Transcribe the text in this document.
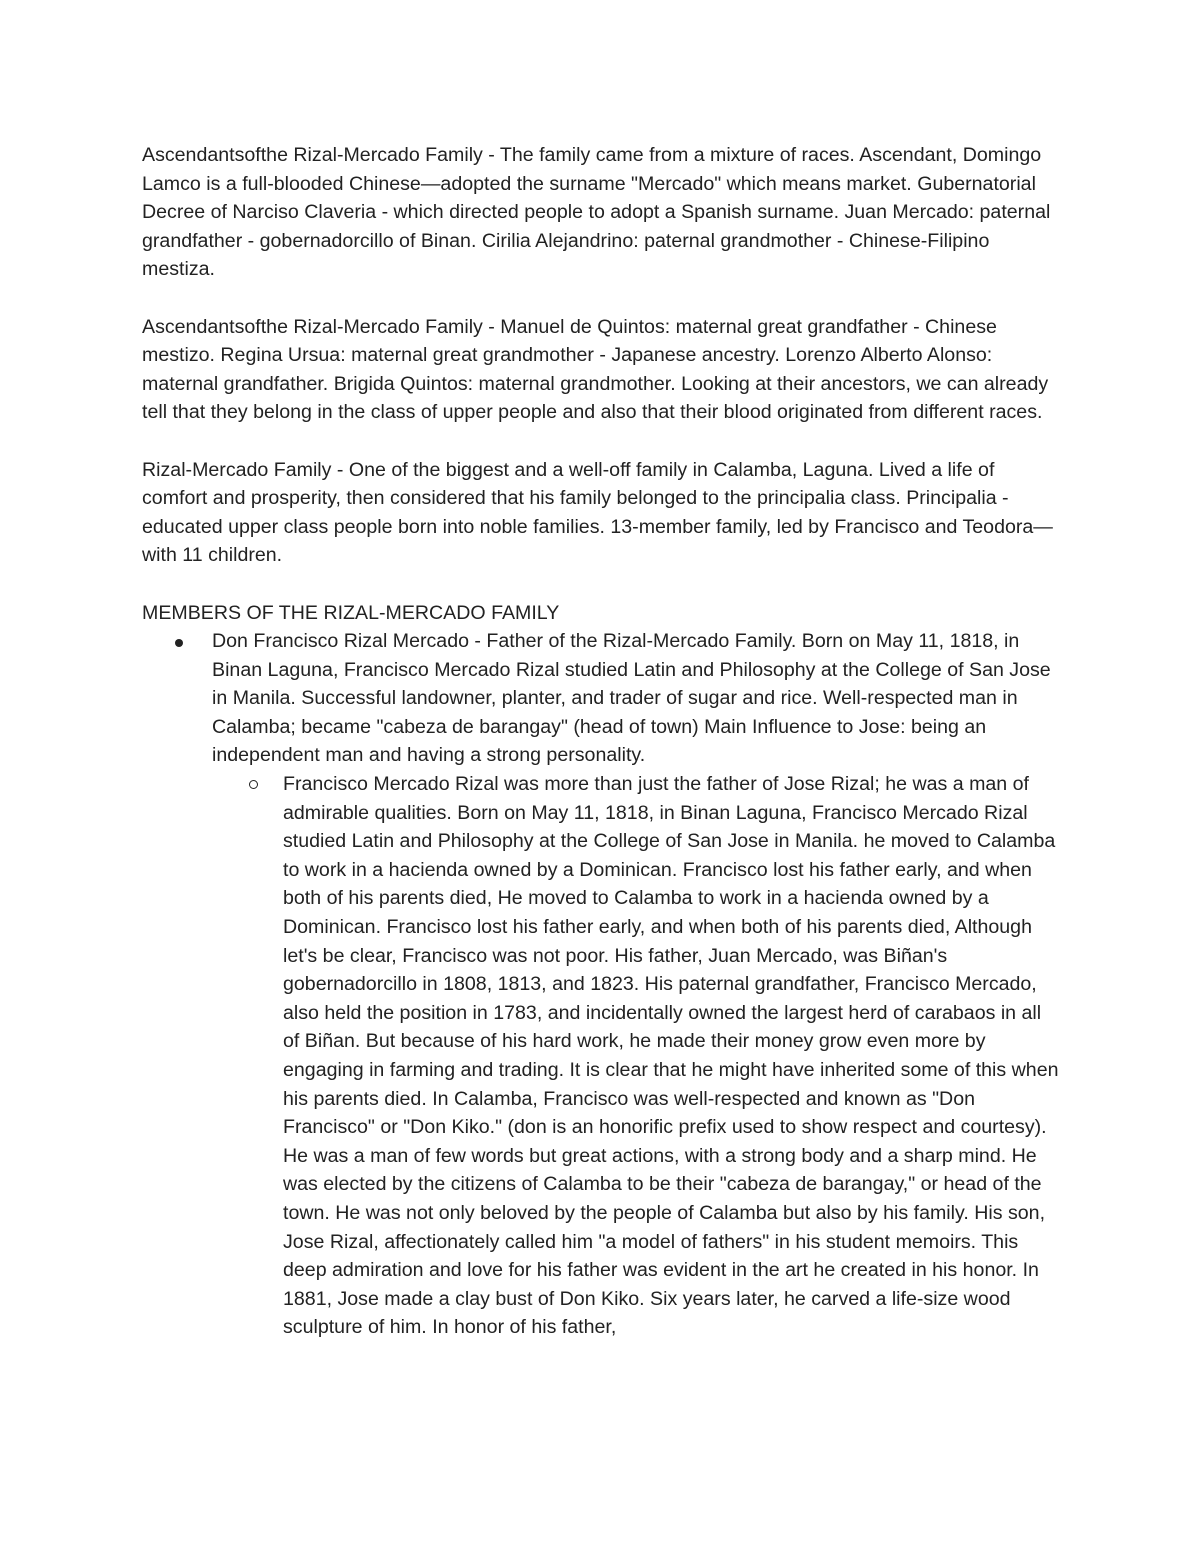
Ascendantsofthe Rizal-Mercado Family - The family came from a mixture of races. Ascendant, Domingo Lamco is a full-blooded Chinese—adopted the surname "Mercado" which means market. Gubernatorial Decree of Narciso Claveria - which directed people to adopt a Spanish surname. Juan Mercado: paternal grandfather - gobernadorcillo of Binan. Cirilia Alejandrino: paternal grandmother - Chinese-Filipino mestiza.

Ascendantsofthe Rizal-Mercado Family - Manuel de Quintos: maternal great grandfather - Chinese mestizo. Regina Ursua: maternal great grandmother - Japanese ancestry. Lorenzo Alberto Alonso: maternal grandfather. Brigida Quintos: maternal grandmother. Looking at their ancestors, we can already tell that they belong in the class of upper people and also that their blood originated from different races.

Rizal-Mercado Family - One of the biggest and a well-off family in Calamba, Laguna. Lived a life of comfort and prosperity, then considered that his family belonged to the principalia class. Principalia - educated upper class people born into noble families. 13-member family, led by Francisco and Teodora—with 11 children.

MEMBERS OF THE RIZAL-MERCADO FAMILY

Don Francisco Rizal Mercado - Father of the Rizal-Mercado Family. Born on May 11, 1818, in Binan Laguna, Francisco Mercado Rizal studied Latin and Philosophy at the College of San Jose in Manila. Successful landowner, planter, and trader of sugar and rice. Well-respected man in Calamba; became "cabeza de barangay" (head of town) Main Influence to Jose: being an independent man and having a strong personality.
Francisco Mercado Rizal was more than just the father of Jose Rizal; he was a man of admirable qualities. Born on May 11, 1818, in Binan Laguna, Francisco Mercado Rizal studied Latin and Philosophy at the College of San Jose in Manila. he moved to Calamba to work in a hacienda owned by a Dominican. Francisco lost his father early, and when both of his parents died, He moved to Calamba to work in a hacienda owned by a Dominican. Francisco lost his father early, and when both of his parents died, Although let's be clear, Francisco was not poor. His father, Juan Mercado, was Biñan's gobernadorcillo in 1808, 1813, and 1823. His paternal grandfather, Francisco Mercado, also held the position in 1783, and incidentally owned the largest herd of carabaos in all of Biñan. But because of his hard work, he made their money grow even more by engaging in farming and trading. It is clear that he might have inherited some of this when his parents died. In Calamba, Francisco was well-respected and known as "Don Francisco" or "Don Kiko." (don is an honorific prefix used to show respect and courtesy). He was a man of few words but great actions, with a strong body and a sharp mind. He was elected by the citizens of Calamba to be their "cabeza de barangay," or head of the town. He was not only beloved by the people of Calamba but also by his family. His son, Jose Rizal, affectionately called him "a model of fathers" in his student memoirs. This deep admiration and love for his father was evident in the art he created in his honor. In 1881, Jose made a clay bust of Don Kiko. Six years later, he carved a life-size wood sculpture of him. In honor of his father,
